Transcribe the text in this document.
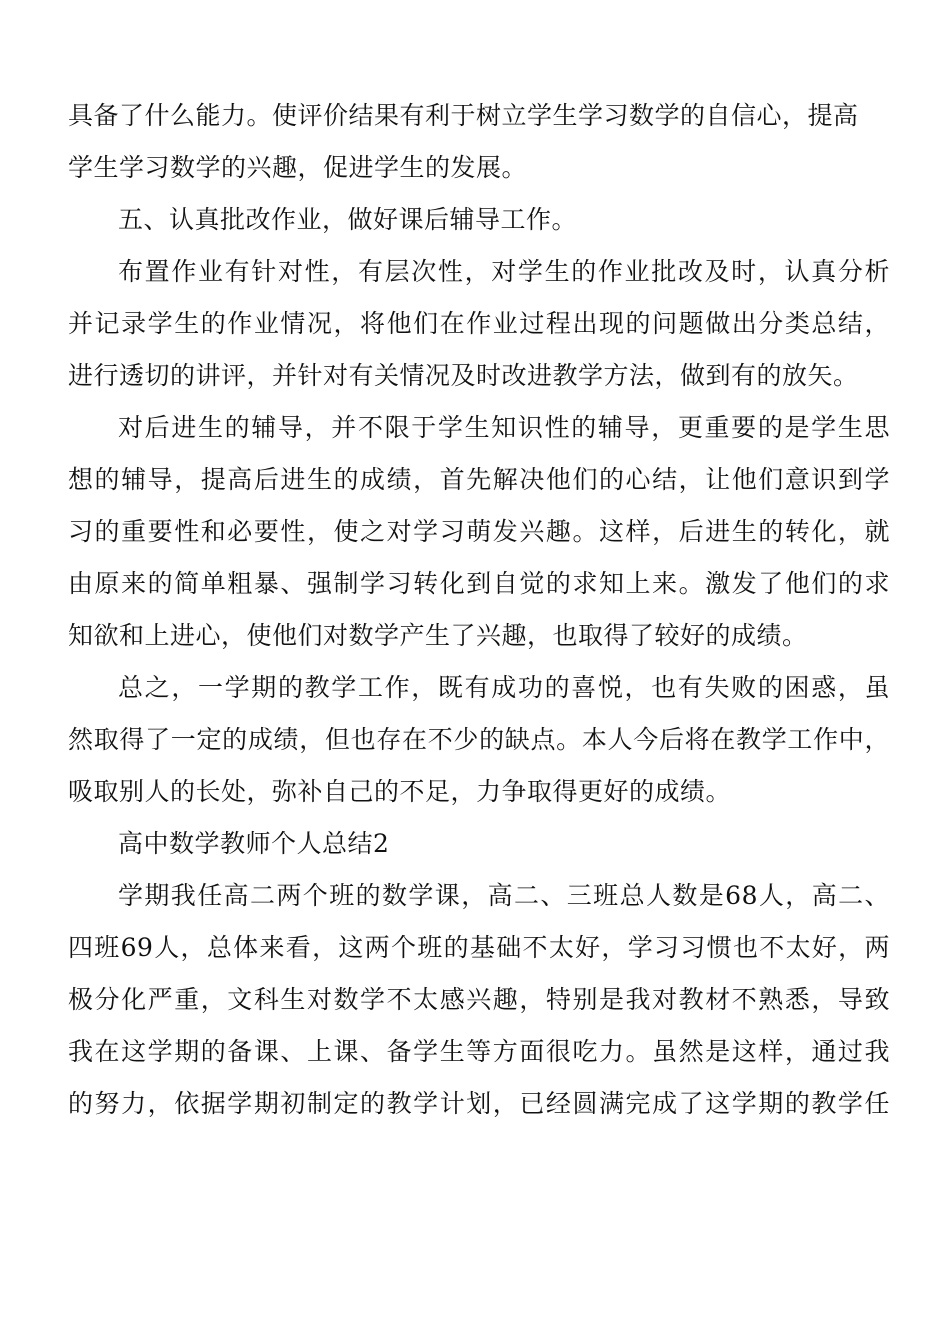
具备了什么能力。使评价结果有利于树立学生学习数学的自信心，提高
学生学习数学的兴趣，促进学生的发展。
五、认真批改作业，做好课后辅导工作。
布置作业有针对性，有层次性，对学生的作业批改及时，认真分析
并记录学生的作业情况，将他们在作业过程出现的问题做出分类总结，
进行透切的讲评，并针对有关情况及时改进教学方法，做到有的放矢。
对后进生的辅导，并不限于学生知识性的辅导，更重要的是学生思
想的辅导，提高后进生的成绩，首先解决他们的心结，让他们意识到学
习的重要性和必要性，使之对学习萌发兴趣。这样，后进生的转化，就
由原来的简单粗暴、强制学习转化到自觉的求知上来。激发了他们的求
知欲和上进心，使他们对数学产生了兴趣，也取得了较好的成绩。
总之，一学期的教学工作，既有成功的喜悦，也有失败的困惑，虽
然取得了一定的成绩，但也存在不少的缺点。本人今后将在教学工作中，
吸取别人的长处，弥补自己的不足，力争取得更好的成绩。
高中数学教师个人总结2
学期我任高二两个班的数学课，高二、三班总人数是68人，高二、
四班69人，总体来看，这两个班的基础不太好，学习习惯也不太好，两
极分化严重，文科生对数学不太感兴趣，特别是我对教材不熟悉，导致
我在这学期的备课、上课、备学生等方面很吃力。虽然是这样，通过我
的努力，依据学期初制定的教学计划，已经圆满完成了这学期的教学任
